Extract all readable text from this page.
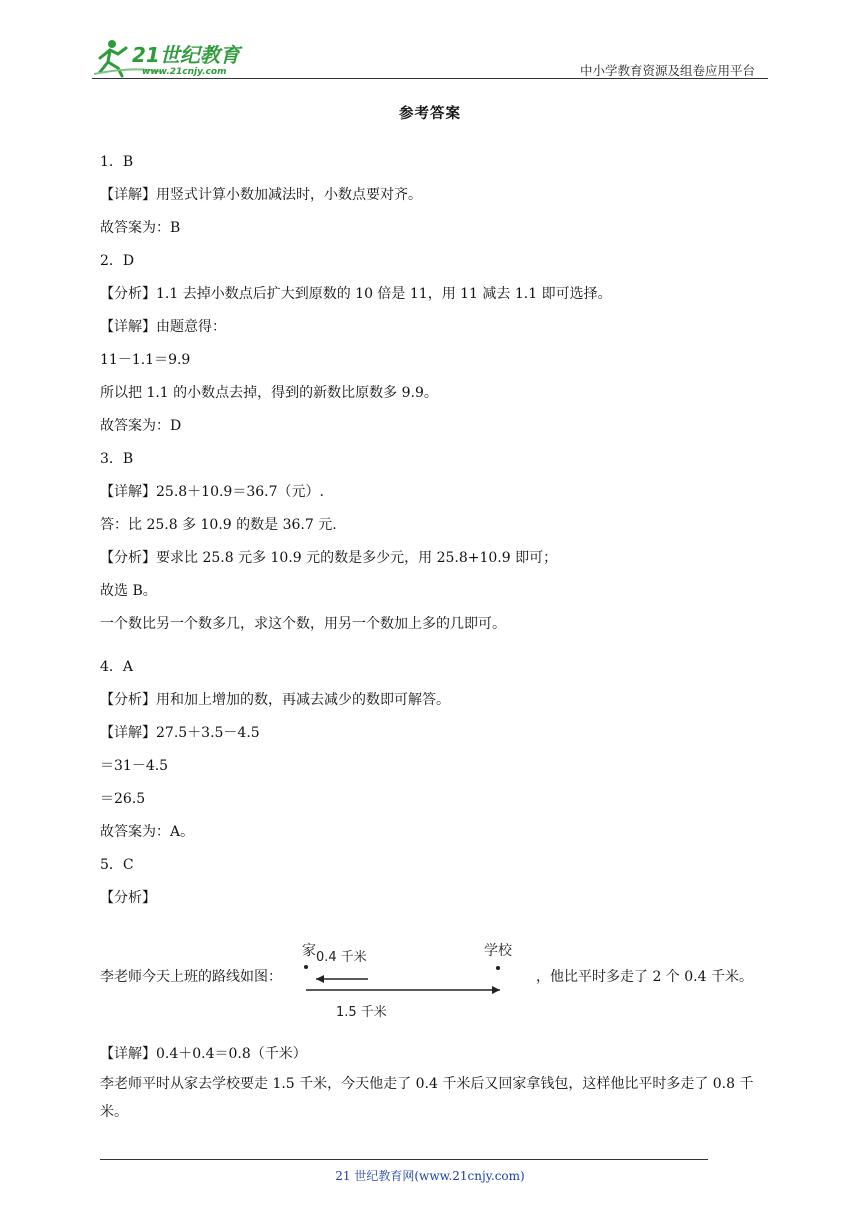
21世纪教育
www.21cnjy.com	中小学教育资源及组卷应用平台
参考答案
1．B
【详解】用竖式计算小数加减法时，小数点要对齐。
故答案为：B
2．D
【分析】1.1 去掉小数点后扩大到原数的 10 倍是 11，用 11 减去 1.1 即可选择。
【详解】由题意得：
11－1.1＝9.9
所以把 1.1 的小数点去掉，得到的新数比原数多 9.9。
故答案为：D
3．B
【详解】25.8＋10.9＝36.7（元）.
答：比 25.8 多 10.9 的数是 36.7 元.
【分析】要求比 25.8 元多 10.9 元的数是多少元，用 25.8+10.9 即可；
故选 B。
一个数比另一个数多几，求这个数，用另一个数加上多的几即可。
4．A
【分析】用和加上增加的数，再减去减少的数即可解答。
【详解】27.5＋3.5－4.5
＝31－4.5
＝26.5
故答案为：A。
5．C
【分析】
李老师今天上班的路线如图：
家 0.4 千米	学校
1.5 千米
，他比平时多走了 2 个 0.4 千米。
【详解】0.4＋0.4＝0.8（千米）
李老师平时从家去学校要走 1.5 千米，今天他走了 0.4 千米后又回家拿钱包，这样他比平时多走了 0.8 千米。
21 世纪教育网(www.21cnjy.com)
